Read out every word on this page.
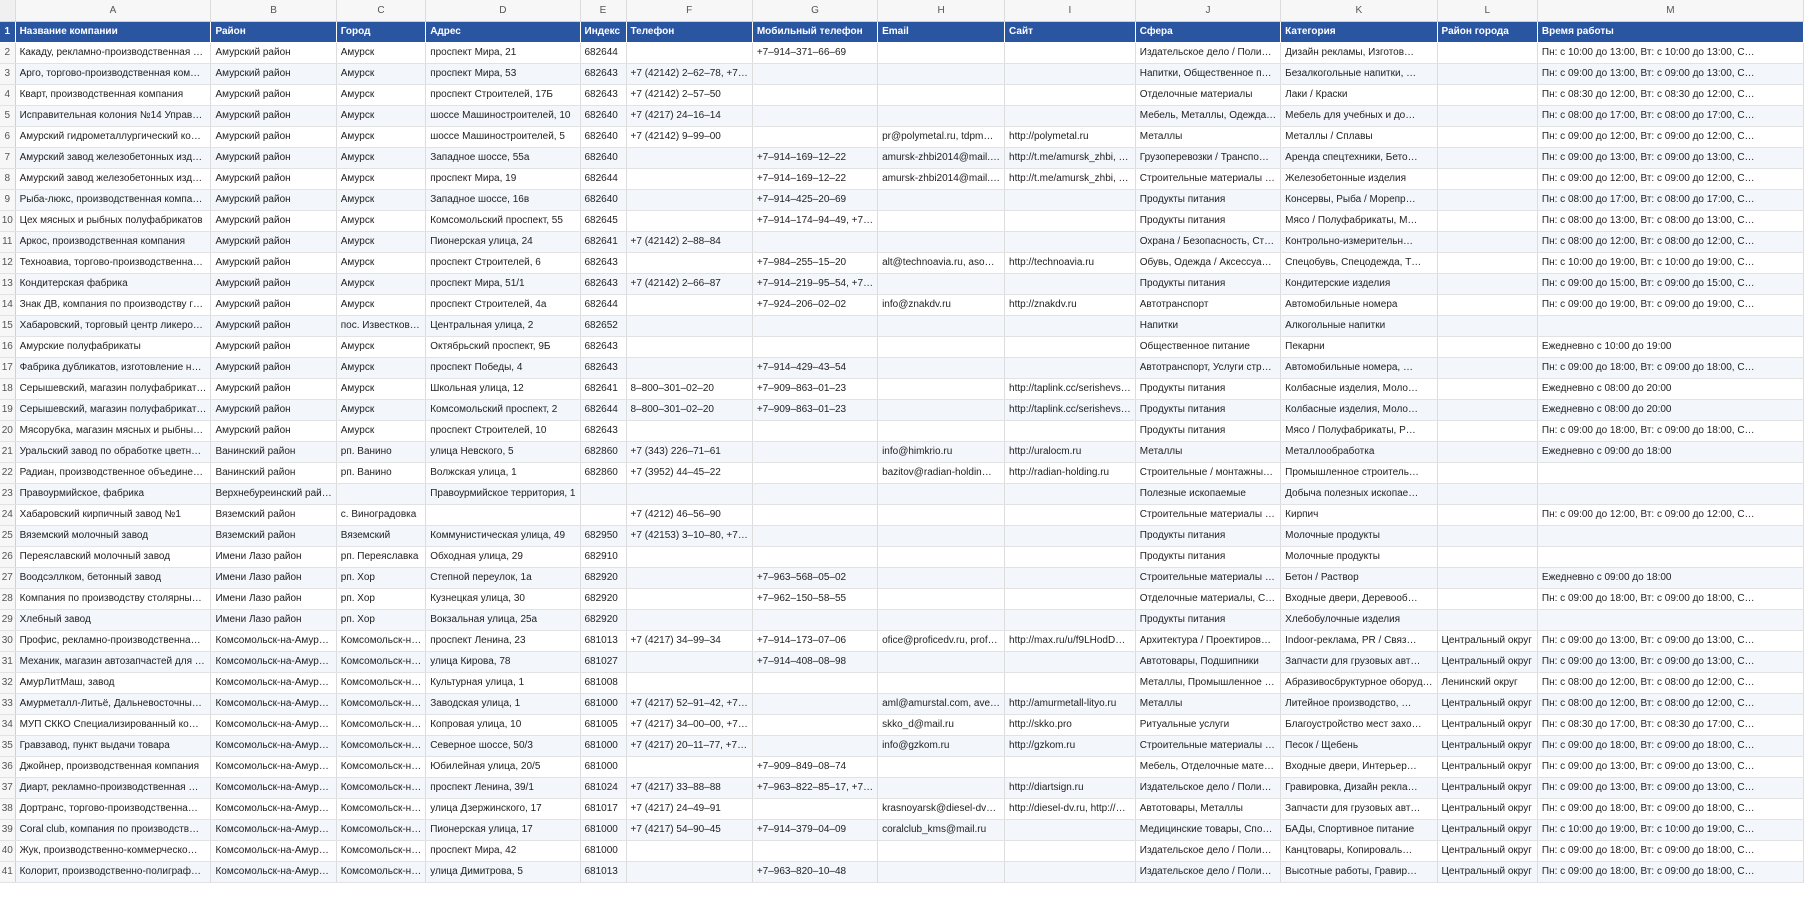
	A	B	C	D	E	F	G	H	I	J	K	L	M
1	Название компании	Район	Город	Адрес	Индекс	Телефон	Мобильный телефон	Email	Сайт	Сфера	Категория	Район города	Время работы
2	Какаду, рекламно-производственная …	Амурский район	Амурск	проспект Мира, 21	682644		+7‒914‒371‒66‒69			Издательское дело / Поли…	Дизайн рекламы, Изготов…		Пн: с 10:00 до 13:00, Вт: с 10:00 до 13:00, С…
3	Арго, торгово-производственная ком…	Амурский район	Амурск	проспект Мира, 53	682643	+7 (42142) 2‒62‒78, +7…				Напитки, Общественное п…	Безалкогольные напитки, …		Пн: с 09:00 до 13:00, Вт: с 09:00 до 13:00, С…
4	Кварт, производственная компания	Амурский район	Амурск	проспект Строителей, 17Б	682643	+7 (42142) 2‒57‒50				Отделочные материалы	Лаки / Краски		Пн: с 08:30 до 12:00, Вт: с 08:30 до 12:00, С…
5	Исправительная колония №14 Управ…	Амурский район	Амурск	шоссе Машиностроителей, 10	682640	+7 (4217) 24‒16‒14				Мебель, Металлы, Одежда…	Мебель для учебных и до…		Пн: с 08:00 до 17:00, Вт: с 08:00 до 17:00, С…
6	Амурский гидрометаллургический ко…	Амурский район	Амурск	шоссе Машиностроителей, 5	682640	+7 (42142) 9‒99‒00		pr@polymetal.ru, tdpm…	http://polymetal.ru	Металлы	Металлы / Сплавы		Пн: с 09:00 до 12:00, Вт: с 09:00 до 12:00, С…
7	Амурский завод железобетонных изд…	Амурский район	Амурск	Западное шоссе, 55а	682640		+7‒914‒169‒12‒22	amursk-zhbi2014@mail.…	http://t.me/amursk_zhbi, …	Грузоперевозки / Транспо…	Аренда спецтехники, Бето…		Пн: с 09:00 до 13:00, Вт: с 09:00 до 13:00, С…
8	Амурский завод железобетонных изд…	Амурский район	Амурск	проспект Мира, 19	682644		+7‒914‒169‒12‒22	amursk-zhbi2014@mail.…	http://t.me/amursk_zhbi, …	Строительные материалы …	Железобетонные изделия		Пн: с 09:00 до 12:00, Вт: с 09:00 до 12:00, С…
9	Рыба-люкс, производственная компа…	Амурский район	Амурск	Западное шоссе, 16в	682640		+7‒914‒425‒20‒69			Продукты питания	Консервы, Рыба / Морепр…		Пн: с 08:00 до 17:00, Вт: с 08:00 до 17:00, С…
10	Цех мясных и рыбных полуфабрикатов	Амурский район	Амурск	Комсомольский проспект, 55	682645		+7‒914‒174‒94‒49, +7…			Продукты питания	Мясо / Полуфабрикаты, М…		Пн: с 08:00 до 13:00, Вт: с 08:00 до 13:00, С…
11	Аркос, производственная компания	Амурский район	Амурск	Пионерская улица, 24	682641	+7 (42142) 2‒88‒84				Охрана / Безопасность, Ст…	Контрольно-измерительн…		Пн: с 08:00 до 12:00, Вт: с 08:00 до 12:00, С…
12	Техноавиа, торгово-производственна…	Амурский район	Амурск	проспект Строителей, 6	682643		+7‒984‒255‒15‒20	alt@technoavia.ru, aso…	http://technoavia.ru	Обувь, Одежда / Аксессуа…	Спецобувь, Спецодежда, Т…		Пн: с 10:00 до 19:00, Вт: с 10:00 до 19:00, С…
13	Кондитерская фабрика	Амурский район	Амурск	проспект Мира, 51/1	682643	+7 (42142) 2‒66‒87	+7‒914‒219‒95‒54, +7…			Продукты питания	Кондитерские изделия		Пн: с 09:00 до 15:00, Вт: с 09:00 до 15:00, С…
14	Знак ДВ, компания по производству г…	Амурский район	Амурск	проспект Строителей, 4а	682644		+7‒924‒206‒02‒02	info@znakdv.ru	http://znakdv.ru	Автотранспорт	Автомобильные номера		Пн: с 09:00 до 19:00, Вт: с 09:00 до 19:00, С…
15	Хабаровский, торговый центр ликеро…	Амурский район	пос. Известков…	Центральная улица, 2	682652					Напитки	Алкогольные напитки		
16	Амурские полуфабрикаты	Амурский район	Амурск	Октябрьский проспект, 9Б	682643					Общественное питание	Пекарни		Ежедневно с 10:00 до 19:00
17	Фабрика дубликатов, изготовление н…	Амурский район	Амурск	проспект Победы, 4	682643		+7‒914‒429‒43‒54			Автотранспорт, Услуги стр…	Автомобильные номера, …		Пн: с 09:00 до 18:00, Вт: с 09:00 до 18:00, С…
18	Серышевский, магазин полуфабрикат…	Амурский район	Амурск	Школьная улица, 12	682641	8‒800‒301‒02‒20	+7‒909‒863‒01‒23		http://taplink.cc/serishevs…	Продукты питания	Колбасные изделия, Моло…		Ежедневно с 08:00 до 20:00
19	Серышевский, магазин полуфабрикат…	Амурский район	Амурск	Комсомольский проспект, 2	682644	8‒800‒301‒02‒20	+7‒909‒863‒01‒23		http://taplink.cc/serishevs…	Продукты питания	Колбасные изделия, Моло…		Ежедневно с 08:00 до 20:00
20	Мясорубка, магазин мясных и рыбны…	Амурский район	Амурск	проспект Строителей, 10	682643					Продукты питания	Мясо / Полуфабрикаты, Р…		Пн: с 09:00 до 18:00, Вт: с 09:00 до 18:00, С…
21	Уральский завод по обработке цветн…	Ванинский район	рп. Ванино	улица Невского, 5	682860	+7 (343) 226‒71‒61		info@himkrio.ru	http://uralocm.ru	Металлы	Металлообработка		Ежедневно с 09:00 до 18:00
22	Радиан, производственное объедине…	Ванинский район	рп. Ванино	Волжская улица, 1	682860	+7 (3952) 44‒45‒22		bazitov@radian-holdin…	http://radian-holding.ru	Строительные / монтажны…	Промышленное строитель…		
23	Правоурмийское, фабрика	Верхнебуреинский рай…		Правоурмийское территория, 1						Полезные ископаемые	Добыча полезных ископае…		
24	Хабаровский кирпичный завод №1	Вяземский район	с. Виноградовка			+7 (4212) 46‒56‒90				Строительные материалы …	Кирпич		Пн: с 09:00 до 12:00, Вт: с 09:00 до 12:00, С…
25	Вяземский молочный завод	Вяземский район	Вяземский	Коммунистическая улица, 49	682950	+7 (42153) 3‒10‒80, +7…				Продукты питания	Молочные продукты		
26	Переяславский молочный завод	Имени Лазо район	рп. Переяславка	Обходная улица, 29	682910					Продукты питания	Молочные продукты		
27	Воодсэллком, бетонный завод	Имени Лазо район	рп. Хор	Степной переулок, 1а	682920		+7‒963‒568‒05‒02			Строительные материалы …	Бетон / Раствор		Ежедневно с 09:00 до 18:00
28	Компания по производству столярны…	Имени Лазо район	рп. Хор	Кузнецкая улица, 30	682920		+7‒962‒150‒58‒55			Отделочные материалы, С…	Входные двери, Деревооб…		Пн: с 09:00 до 18:00, Вт: с 09:00 до 18:00, С…
29	Хлебный завод	Имени Лазо район	рп. Хор	Вокзальная улица, 25а	682920					Продукты питания	Хлебобулочные изделия		
30	Профис, рекламно-производственна…	Комсомольск-на-Амур…	Комсомольск-н…	проспект Ленина, 23	681013	+7 (4217) 34‒99‒34	+7‒914‒173‒07‒06	ofice@proficedv.ru, prof…	http://max.ru/u/f9LHodD…	Архитектура / Проектиров…	Indoor-реклама, PR / Связ…	Центральный округ	Пн: с 09:00 до 13:00, Вт: с 09:00 до 13:00, С…
31	Механик, магазин автозапчастей для …	Комсомольск-на-Амур…	Комсомольск-н…	улица Кирова, 78	681027		+7‒914‒408‒08‒98			Автотовары, Подшипники	Запчасти для грузовых авт…	Центральный округ	Пн: с 09:00 до 13:00, Вт: с 09:00 до 13:00, С…
32	АмурЛитМаш, завод	Комсомольск-на-Амур…	Комсомольск-н…	Культурная улица, 1	681008					Металлы, Промышленное …	Абразивосбруктурное оборуд…	Ленинский округ	Пн: с 08:00 до 12:00, Вт: с 08:00 до 12:00, С…
33	Амурметалл-Литьё, Дальневосточны…	Комсомольск-на-Амур…	Комсомольск-н…	Заводская улица, 1	681000	+7 (4217) 52‒91‒42, +7…		aml@amurstal.com, ave…	http://amurmetall-lityo.ru	Металлы	Литейное производство, …	Центральный округ	Пн: с 08:00 до 12:00, Вт: с 08:00 до 12:00, С…
34	МУП СККО Специализированный ко…	Комсомольск-на-Амур…	Комсомольск-н…	Копровая улица, 10	681005	+7 (4217) 34‒00‒00, +7…		skko_d@mail.ru	http://skko.pro	Ритуальные услуги	Благоустройство мест захо…	Центральный округ	Пн: с 08:30 до 17:00, Вт: с 08:30 до 17:00, С…
35	Гравзавод, пункт выдачи товара	Комсомольск-на-Амур…	Комсомольск-н…	Северное шоссе, 50/3	681000	+7 (4217) 20‒11‒77, +7…		info@gzkom.ru	http://gzkom.ru	Строительные материалы …	Песок / Щебень	Центральный округ	Пн: с 09:00 до 18:00, Вт: с 09:00 до 18:00, С…
36	Джойнер, производственная компания	Комсомольск-на-Амур…	Комсомольск-н…	Юбилейная улица, 20/5	681000		+7‒909‒849‒08‒74			Мебель, Отделочные мате…	Входные двери, Интерьер…	Центральный округ	Пн: с 09:00 до 13:00, Вт: с 09:00 до 13:00, С…
37	Диарт, рекламно-производственная …	Комсомольск-на-Амур…	Комсомольск-н…	проспект Ленина, 39/1	681024	+7 (4217) 33‒88‒88	+7‒963‒822‒85‒17, +7…		http://diartsign.ru	Издательское дело / Поли…	Гравировка, Дизайн рекла…	Центральный округ	Пн: с 09:00 до 13:00, Вт: с 09:00 до 13:00, С…
38	Дортранс, торгово-производственна…	Комсомольск-на-Амур…	Комсомольск-н…	улица Дзержинского, 17	681017	+7 (4217) 24‒49‒91		krasnoyarsk@diesel-dv…	http://diesel-dv.ru, http://…	Автотовары, Металлы	Запчасти для грузовых авт…	Центральный округ	Пн: с 09:00 до 18:00, Вт: с 09:00 до 18:00, С…
39	Coral club, компания по производств…	Комсомольск-на-Амур…	Комсомольск-н…	Пионерская улица, 17	681000	+7 (4217) 54‒90‒45	+7‒914‒379‒04‒09	coralclub_kms@mail.ru		Медицинские товары, Спо…	БАДы, Спортивное питание	Центральный округ	Пн: с 10:00 до 19:00, Вт: с 10:00 до 19:00, С…
40	Жук, производственно-коммерческо…	Комсомольск-на-Амур…	Комсомольск-н…	проспект Мира, 42	681000					Издательское дело / Поли…	Канцтовары, Копироваль…	Центральный округ	Пн: с 09:00 до 18:00, Вт: с 09:00 до 18:00, С…
41	Колорит, производственно-полиграф…	Комсомольск-на-Амур…	Комсомольск-н…	улица Димитрова, 5	681013		+7‒963‒820‒10‒48			Издательское дело / Поли…	Высотные работы, Гравир…	Центральный округ	Пн: с 09:00 до 18:00, Вт: с 09:00 до 18:00, С…
